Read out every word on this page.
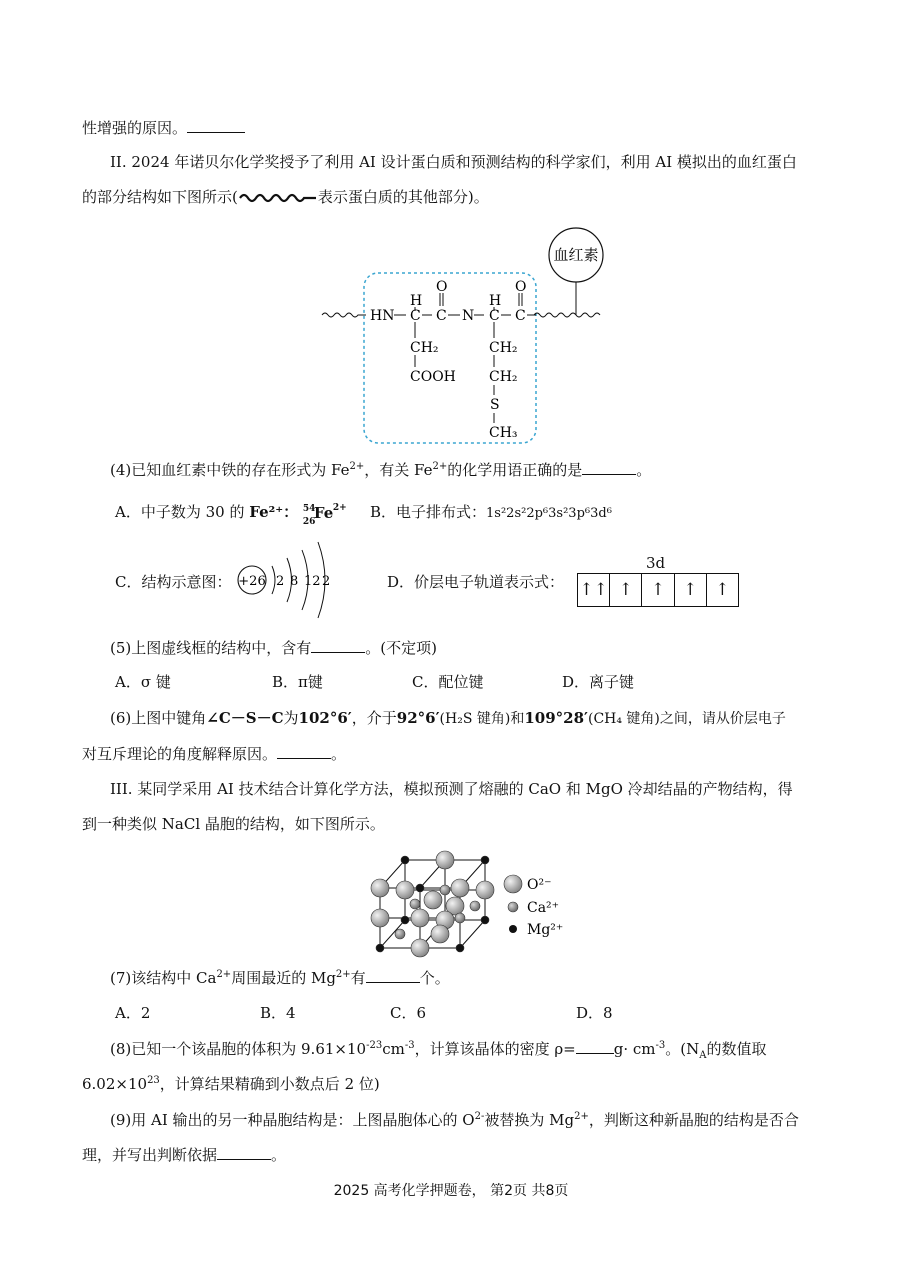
性增强的原因。
II. 2024 年诺贝尔化学奖授予了利用 AI 设计蛋白质和预测结构的科学家们，利用 AI 模拟出的血红蛋白
的部分结构如下图所示(	表示蛋白质的其他部分)。
血红素
HN
H
C
O
C N
H
C
O
C
CH₂
COOH
CH₂
CH₂
S
CH₃
(4)已知血红素中铁的存在形式为 $Fe^{2+}$，有关 $Fe^{2+}$的化学用语正确的是	。
A．中子数为 30 的 Fe²⁺： 54
26
Fe 2+ B．电子排布式：1s²2s²2p⁶3s²3p⁶3d⁶
C．结构示意图： +26 2 8 12 2	D．价层电子轨道表示式：
3d
↑↑ ↑	↑	↑	↑
(5)上图虚线框的结构中，含有	。(不定项)
A．σ 键	B．π键	C．配位键	D．离子键
(6)上图中键角∠C－S－C为102°6′，介于92°6′(H₂S 键角)和109°28′(CH₄ 键角)之间，请从价层电子
对互斥理论的角度解释原因。	。
III. 某同学采用 AI 技术结合计算化学方法，模拟预测了熔融的 CaO 和 MgO 冷却结晶的产物结构，得
到一种类似 NaCl 晶胞的结构，如下图所示。
O²⁻
Ca²⁺
Mg²⁺
(7)该结构中 $Ca^{2+}$周围最近的 $Mg^{2+}$有	个。
A．2	B．4	C．6	D．8
(8)已知一个该晶胞的体积为 $9.61\times 10^{-23}cm^{-3}$，计算该晶体的密度 ρ=	$g\cdot cm^{-3}$。($N_A$的数值取
$6.02\times 10^{23}$，计算结果精确到小数点后 2 位)
(9)用 AI 输出的另一种晶胞结构是：上图晶胞体心的 $O^{2-}$被替换为 $Mg^{2+}$，判断这种新晶胞的结构是否合
理，并写出判断依据	。
2025 高考化学押题卷， 第2页 共8页
